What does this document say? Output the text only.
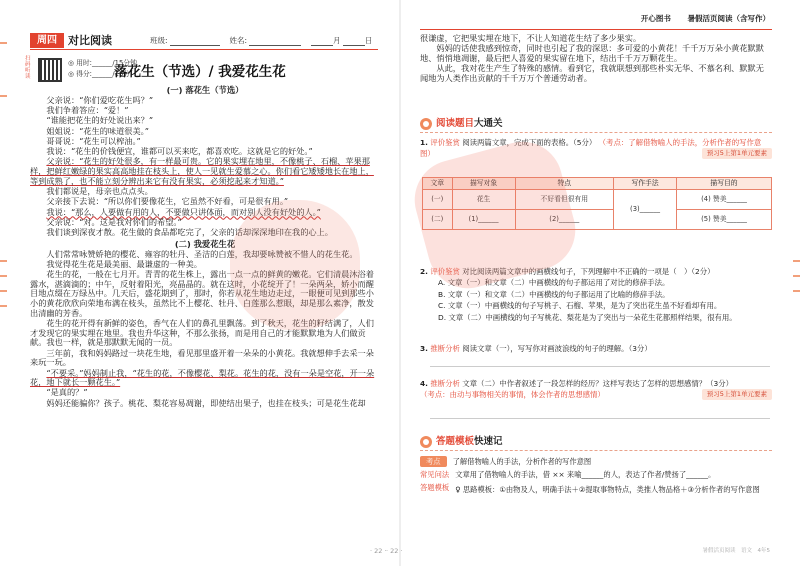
周四	对比阅读	班级:	姓名:	月	日
扫码听读
◎ 用时:______/15分钟
◎ 得分:______/13分
落花生（节选）/ 我爱花生花
(一) 落花生（节选）

父亲说：“你们爱吃花生吗？”

我们争着答应：“爱！”

“谁能把花生的好处说出来？”

姐姐说：“花生的味道很美。”

哥哥说：“花生可以榨油。”

我说：“花生的价钱便宜，谁都可以买来吃，都喜欢吃。这就是它的好处。”

父亲说：“花生的好处很多，有一样最可贵。它的果实埋在地里，不像桃子、石榴、苹果那样，把鲜红嫩绿的果实高高地挂在枝头上，使人一见就生爱慕之心。你们看它矮矮地长在地上，等到成熟了，也不能立刻分辨出来它有没有果实，必须挖起来才知道。”

我们都说是，母亲也点点头。

父亲接下去说：“所以你们要像花生，它虽然不好看，可是很有用。”

我说：“那么，人要做有用的人，不要做只讲体面，而对别人没有好处的人。”

父亲说：“对。这是我对你们的希望。”

我们谈到深夜才散。花生做的食品都吃完了，父亲的话却深深地印在我的心上。

(二) 我爱花生花

人们常常咏赞娇艳的樱花、雍容的牡丹、圣洁的白莲，我却要咏赞被不惜人的花生花。

我觉得花生花是最美丽、最谦虚的一种美。

花生的花，一般在七月开。青青的花生株上，露出一点一点的鲜黄的嫩花。它们清晨沐浴着露水，湛滴滴的；中午，反射着阳光，亮晶晶的。就在这时，小花绽开了！一朵两朵，娇小而醒目地点缀在万绿丛中。几天后，盛花期到了，那时，你若从花生地边走过，一眼便可见到那些小小的黄花欣欣向荣地布满在枝头，虽然比不上樱花、牡丹、白莲那么惹眼，却是那么素净，散发出清幽的芳香。

花生的花开得有新鲜的姿色，香气在人们的鼻孔里飘荡。到了秋天，花生的籽结满了，人们才发现它的果实埋在地里。我也升华这种，不那么张扬，而是用自己的才能默默地为人们做贡献。我也一样，就是那默默无闻的一员。

三年前，我和妈妈路过一块花生地，看见那里盛开着一朵朵的小黄花。我就想伸手去采一朵来玩一玩。

“不要采。”妈妈制止我，“花生的花，不像樱花、梨花。花生的花，没有一朵是空花，开一朵花，地下就长一颗花生。”

“是真的？”

妈妈还能骗你？孩子。桃花、梨花容易凋谢，即使结出果子，也挂在枝头；可是花生花却

· 22 ·
开心图书 暑假活页阅读（含写作）

很谦虚，它把果实埋在地下，不让人知道花生结了多少果实。

妈妈的话使我感到惊奇，同时也引起了我的深思：多可爱的小黄花！千千万万朵小黄花默默地、悄悄地凋谢，最后把人喜爱的果实留在地下，结出千千万万颗花生。

从此，我对花生产生了特殊的感情。看到它，我就联想到那些朴实无华、不慕名利、默默无闻地为人类作出贡献的千千万万个普通劳动者。

阅读题目 大通关
1. 评价鉴赏 阅读两篇文章，完成下面的表格。（5分） （考点：了解借物喻人的手法，分析作者的写作意图）	预习5上第1单元要素
文章	描写对象	特点	写作手法	描写目的
(一)	花生	不好看但很有用	(3)______	(4) 赞美______
(二)	(1)______	(2)______		(5) 赞美______
2. 评价鉴赏 对比阅读两篇文章中的画横线句子，下列理解中不正确的一项是（　）（2分）
A. 文章（一）和文章（二）中画横线的句子都运用了对比的修辞手法。
B. 文章（一）和文章（二）中画横线的句子都运用了比喻的修辞手法。
C. 文章（一）中画横线的句子写桃子、石榴、苹果，是为了突出花生虽不好看却有用。
D. 文章（二）中画横线的句子写桃花、梨花是为了突出与一朵花生花都照样结果，很有用。
3. 推断分析 阅读文章（一），写写你对画波浪线的句子的理解。（3分）
4. 推断分析 文章（二）中作者叙述了一段怎样的经历？这样写表达了怎样的思想感情？（3分）
（考点：由动与事物相关的事情，体会作者的思想感情）	预习5上第1单元要素
答题模板 快速记
考点 了解借物喻人的手法，分析作者的写作意图
常见问法 文章用了借物喻人的手法，借 ×× 来喻______的人，表达了作者/赞扬了______。
答题模板 ♀ 思路模板：①由物及人，明确手法＋②提取事物特点，类推人物品格＋③分析作者的写作意图
· 22 ·	暑假活页阅读　语文　4年5
